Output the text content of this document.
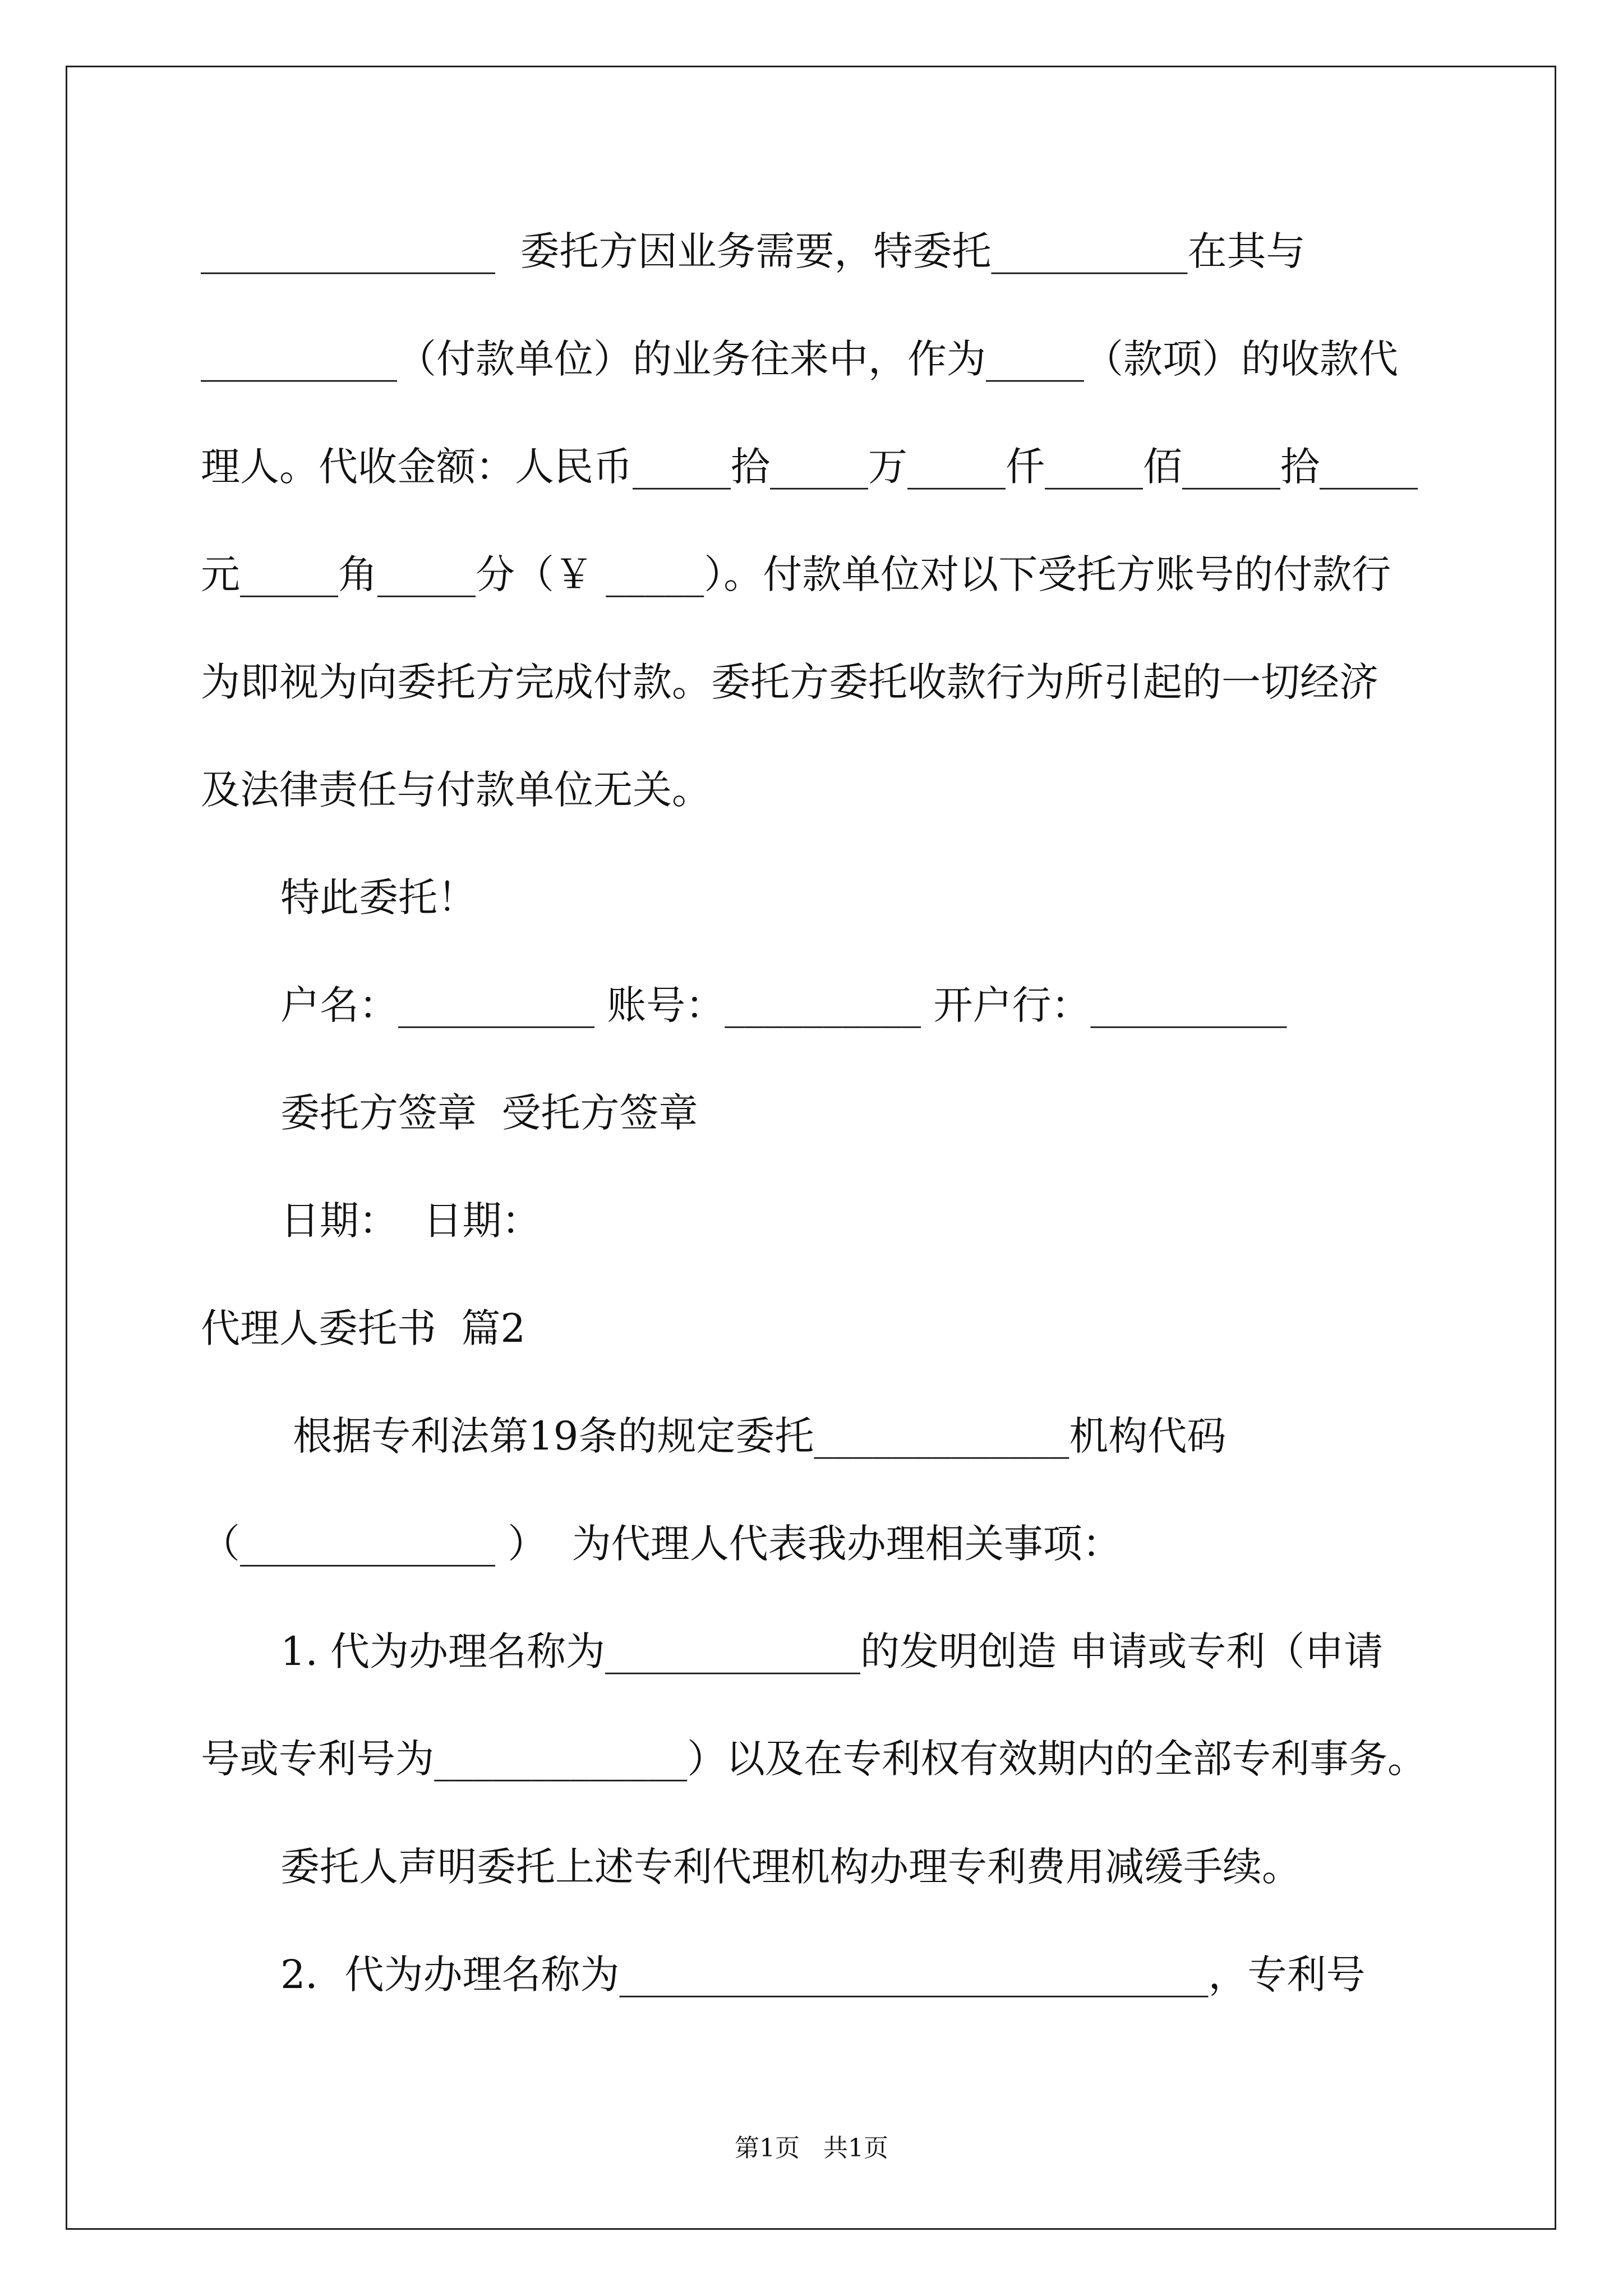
_______________  委托方因业务需要，特委托__________在其与
__________（付款单位）的业务往来中，作为_____（款项）的收款代
理人。代收金额：人民币_____拾_____万_____仟_____佰_____拾_____
元_____角_____分（￥ _____）。付款单位对以下受托方账号的付款行
为即视为向委托方完成付款。委托方委托收款行为所引起的一切经济
及法律责任与付款单位无关。
特此委托！
户名：__________ 账号：__________ 开户行：__________
委托方签章  受托方签章
日期：  日期：
代理人委托书  篇2
根据专利法第19条的规定委托_____________机构代码
（_____________ ）  为代理人代表我办理相关事项：
1. 代为办理名称为_____________的发明创造 申请或专利（申请
号或专利号为_____________）以及在专利权有效期内的全部专利事务。
委托人声明委托上述专利代理机构办理专利费用减缓手续。
2．代为办理名称为______________________________，专利号
第1页   共1页
